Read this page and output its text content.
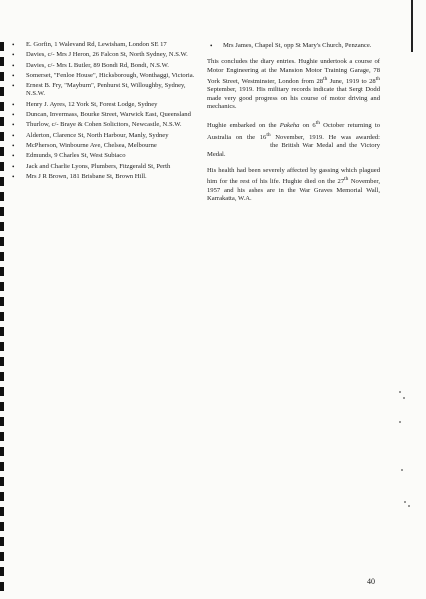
• E. Gorfin, 1 Walevand Rd, Lewisham, London SE 17
• Davies, c/- Mrs J Heron, 26 Falcon St, North Sydney, N.S.W.
• Davies, c/- Mrs L Butler, 89 Bondi Rd, Bondi, N.S.W.
• Somerset, "Fenloe House", Hicksborough, Wonthaggi, Victoria.
• Ernest B. Fry, "Mayburn", Penhurst St, Willoughby, Sydney, N.S.W.
• Henry J. Ayres, 12 York St, Forest Lodge, Sydney
• Duncan, Invermass, Bourke Street, Warwick East, Queensland
• Thurlow, c/- Braye & Cohen Solicitors, Newcastle, N.S.W.
• Alderton, Clarence St, North Harbour, Manly, Sydney
• McPherson, Winbourne Ave, Chelsea, Melbourne
• Edmunds, 9 Charles St, West Subiaco
• Jack and Charlie Lyons, Plumbers, Fitzgerald St, Perth
• Mrs J R Brown, 181 Brisbane St, Brown Hill.
• Mrs James, Chapel St, opp St Mary's Church, Penzance.

This concludes the diary entries. Hughie undertook a course of Motor Engineering at the Mansion Motor Training Garage, 78 York Street, Westminster, London from 28th June, 1919 to 28th September, 1919. His military records indicate that Sergt Dodd made very good progress on his course of motor driving and mechanics.

Hughie embarked on the Pakeha on 6th October returning to Australia on the 16th November, 1919. He was awarded: the British War Medal and the Victory Medal.

His health had been severely affected by gassing which plagued him for the rest of his life. Hughie died on the 27th November, 1957 and his ashes are in the War Graves Memorial Wall, Karrakatta, W.A.

40
